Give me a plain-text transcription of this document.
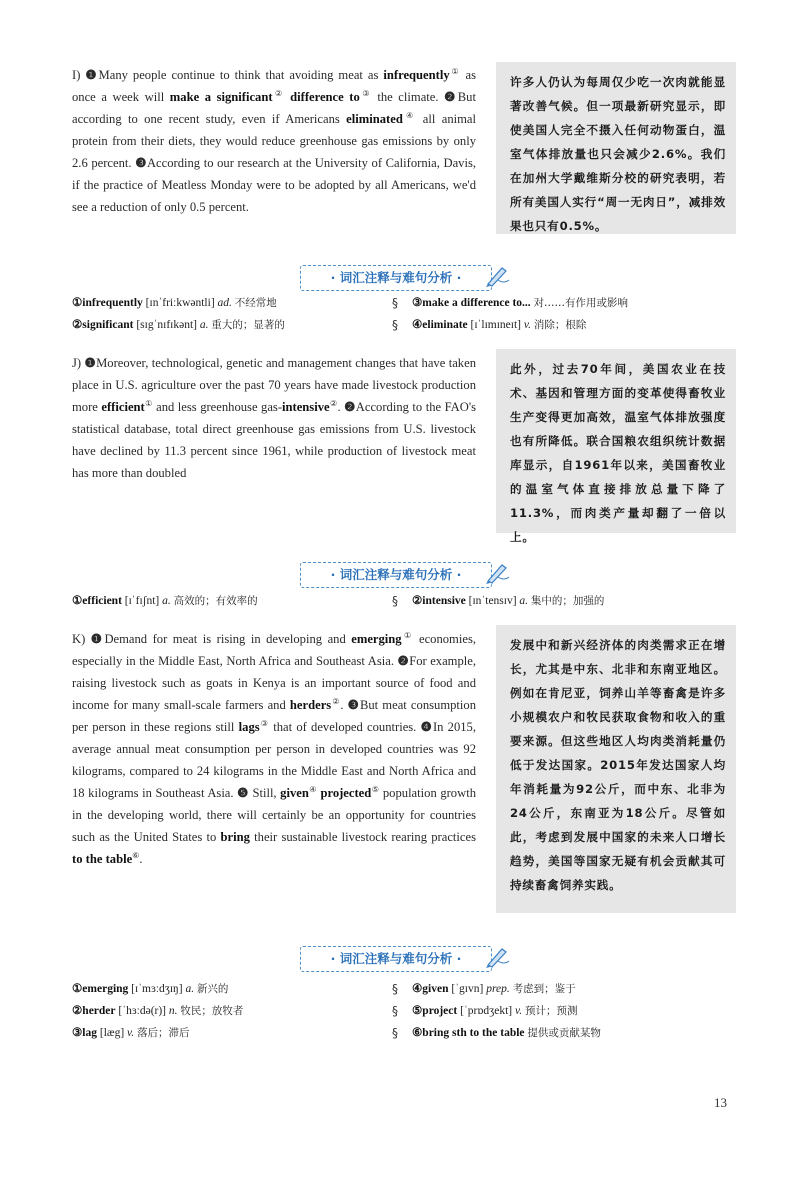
I) ❶Many people continue to think that avoiding meat as infrequently① as once a week will make a significant② difference to③ the climate. ❷But according to one recent study, even if Americans eliminated④ all animal protein from their diets, they would reduce greenhouse gas emissions by only 2.6 percent. ❸According to our research at the University of California, Davis, if the practice of Meatless Monday were to be adopted by all Americans, we'd see a reduction of only 0.5 percent.
许多人仍认为每周仅少吃一次肉就能显著改善气候。但一项最新研究显示，即使美国人完全不摄入任何动物蛋白，温室气体排放量也只会减少2.6%。我们在加州大学戴维斯分校的研究表明，若所有美国人实行“周一无肉日”，减排效果也只有0.5%。
· 词汇注释与难句分析 ·
①infrequently [ɪnˈfriːkwəntli] ad. 不经常地
②significant [sɪgˈnɪfɪkənt] a. 重大的；显著的
§
§
③make a difference to... 对……有作用或影响
④eliminate [ɪˈlɪmɪneɪt] v. 消除；根除
J) ❶Moreover, technological, genetic and management changes that have taken place in U.S. agriculture over the past 70 years have made livestock production more efficient① and less greenhouse gas-intensive②. ❷According to the FAO's statistical database, total direct greenhouse gas emissions from U.S. livestock have declined by 11.3 percent since 1961, while production of livestock meat has more than doubled
此外，过去70年间，美国农业在技术、基因和管理方面的变革使得畜牧业生产变得更加高效，温室气体排放强度也有所降低。联合国粮农组织统计数据库显示，自1961年以来，美国畜牧业的温室气体直接排放总量下降了11.3%，而肉类产量却翻了一倍以上。
· 词汇注释与难句分析 ·
①efficient [ɪˈfɪʃnt] a. 高效的；有效率的	§ ②intensive [ɪnˈtensɪv] a. 集中的；加强的
K) ❶Demand for meat is rising in developing and emerging① economies, especially in the Middle East, North Africa and Southeast Asia. ❷For example, raising livestock such as goats in Kenya is an important source of food and income for many small-scale farmers and herders②. ❸But meat consumption per person in these regions still lags③ that of developed countries. ❹In 2015, average annual meat consumption per person in developed countries was 92 kilograms, compared to 24 kilograms in the Middle East and North Africa and 18 kilograms in Southeast Asia. ❺ Still, given④ projected⑤ population growth in the developing world, there will certainly be an opportunity for countries such as the United States to bring their sustainable livestock rearing practices to the table⑥.
发展中和新兴经济体的肉类需求正在增长，尤其是中东、北非和东南亚地区。例如在肯尼亚，饲养山羊等畜禽是许多小规模农户和牧民获取食物和收入的重要来源。但这些地区人均肉类消耗量仍低于发达国家。2015年发达国家人均年消耗量为92公斤，而中东、北非为24公斤，东南亚为18公斤。尽管如此，考虑到发展中国家的未来人口增长趋势，美国等国家无疑有机会贡献其可持续畜禽饲养实践。
· 词汇注释与难句分析 ·
①emerging [ɪˈmɜːdʒɪŋ] a. 新兴的
②herder [ˈhɜːdə(r)] n. 牧民；放牧者
③lag [læg] v. 落后；滞后
§
§
§
④given [ˈgɪvn] prep. 考虑到；鉴于
⑤project [ˈprɒdʒekt] v. 预计；预测
⑥bring sth to the table 提供或贡献某物
13
